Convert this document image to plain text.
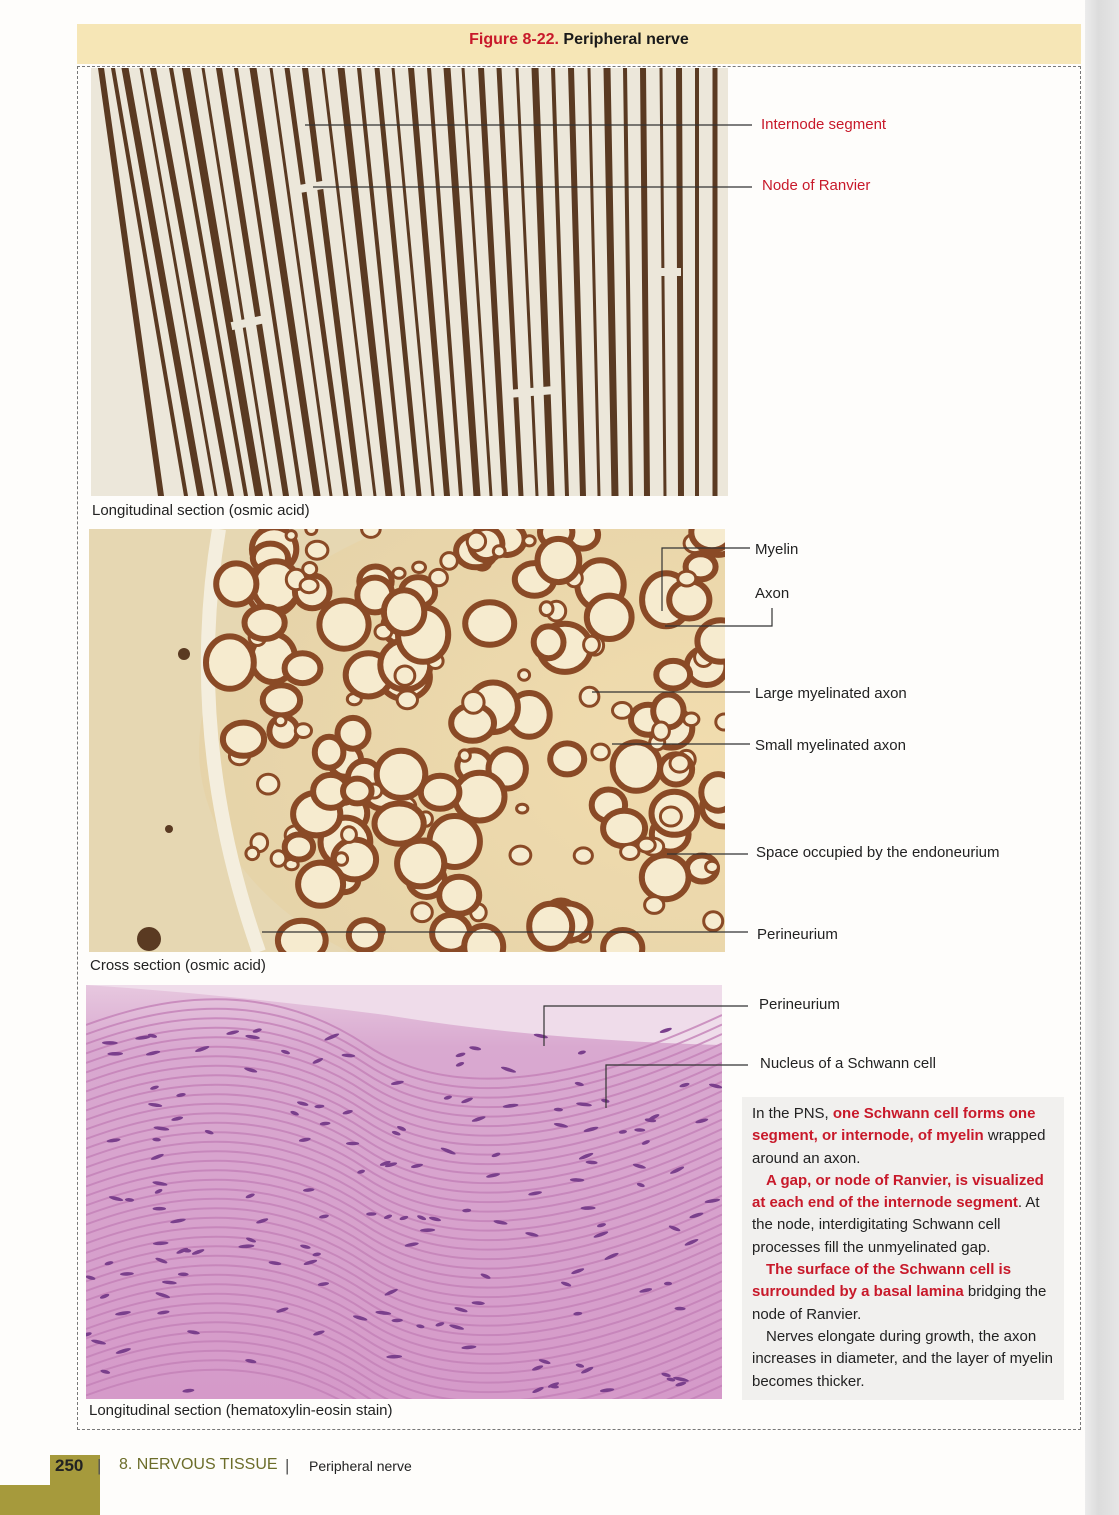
Figure 8-22. Peripheral nerve
Longitudinal section (osmic acid)
Cross section (osmic acid)
Longitudinal section (hematoxylin-eosin stain)
Internode segment
Node of Ranvier
Myelin
Axon
Large myelinated axon
Small myelinated axon
Space occupied by the endoneurium
Perineurium
Perineurium
Nucleus of a Schwann cell

In the PNS, one Schwann cell forms one segment, or internode, of myelin wrapped around an axon.

A gap, or node of Ranvier, is visualized at each end of the internode segment. At the node, interdigitating Schwann cell processes fill the unmyelinated gap.

The surface of the Schwann cell is surrounded by a basal lamina bridging the node of Ranvier.

Nerves elongate during growth, the axon increases in diameter, and the layer of myelin becomes thicker.

250 | 8. NERVOUS TISSUE | Peripheral nerve
